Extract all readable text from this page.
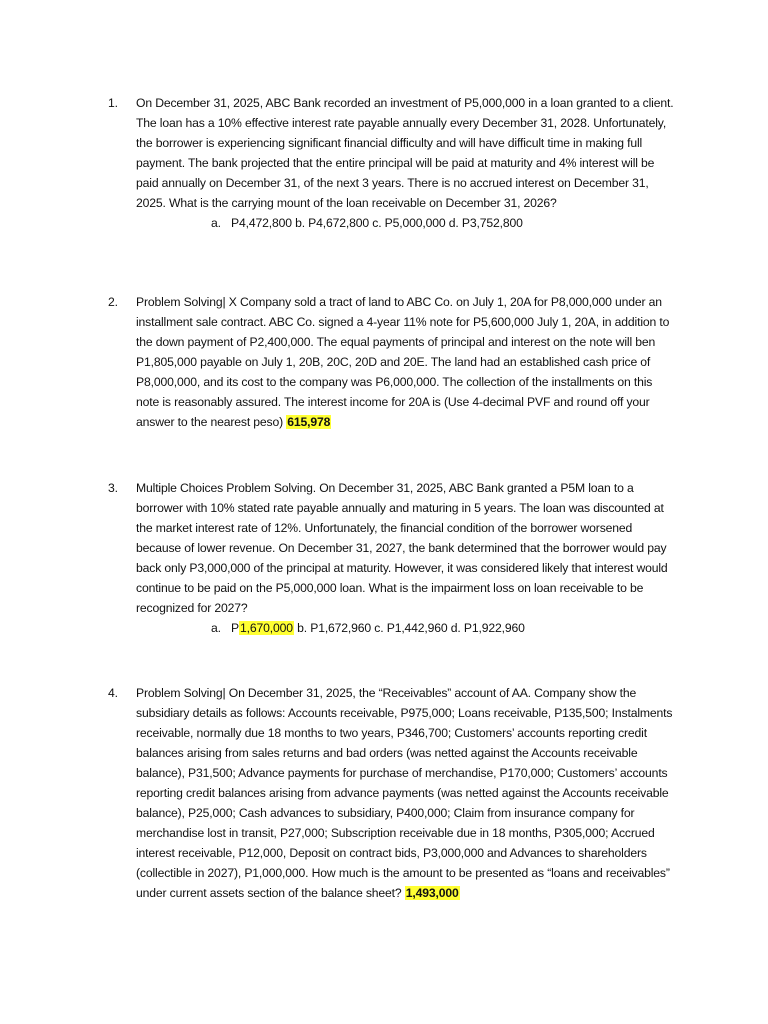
1.	On December 31, 2025, ABC Bank recorded an investment of P5,000,000 in a loan granted to a client. The loan has a 10% effective interest rate payable annually every December 31, 2028. Unfortunately, the borrower is experiencing significant financial difficulty and will have difficult time in making full payment. The bank projected that the entire principal will be paid at maturity and 4% interest will be paid annually on December 31, of the next 3 years. There is no accrued interest on December 31, 2025. What is the carrying mount of the loan receivable on December 31, 2026?
a. P4,472,800 b. P4,672,800 c. P5,000,000 d. P3,752,800
2.	Problem Solving| X Company sold a tract of land to ABC Co. on July 1, 20A for P8,000,000 under an installment sale contract. ABC Co. signed a 4-year 11% note for P5,600,000 July 1, 20A, in addition to the down payment of P2,400,000. The equal payments of principal and interest on the note will ben P1,805,000 payable on July 1, 20B, 20C, 20D and 20E. The land had an established cash price of P8,000,000, and its cost to the company was P6,000,000. The collection of the installments on this note is reasonably assured. The interest income for 20A is (Use 4-decimal PVF and round off your answer to the nearest peso) 615,978
3.	Multiple Choices Problem Solving. On December 31, 2025, ABC Bank granted a P5M loan to a borrower with 10% stated rate payable annually and maturing in 5 years. The loan was discounted at the market interest rate of 12%. Unfortunately, the financial condition of the borrower worsened because of lower revenue. On December 31, 2027, the bank determined that the borrower would pay back only P3,000,000 of the principal at maturity. However, it was considered likely that interest would continue to be paid on the P5,000,000 loan. What is the impairment loss on loan receivable to be recognized for 2027?
a. P1,670,000 b. P1,672,960 c. P1,442,960 d. P1,922,960
4.	Problem Solving| On December 31, 2025, the “Receivables” account of AA. Company show the subsidiary details as follows: Accounts receivable, P975,000; Loans receivable, P135,500; Instalments receivable, normally due 18 months to two years, P346,700; Customers’ accounts reporting credit balances arising from sales returns and bad orders (was netted against the Accounts receivable balance), P31,500; Advance payments for purchase of merchandise, P170,000; Customers’ accounts reporting credit balances arising from advance payments (was netted against the Accounts receivable balance), P25,000; Cash advances to subsidiary, P400,000; Claim from insurance company for merchandise lost in transit, P27,000; Subscription receivable due in 18 months, P305,000; Accrued interest receivable, P12,000, Deposit on contract bids, P3,000,000 and Advances to shareholders (collectible in 2027), P1,000,000. How much is the amount to be presented as “loans and receivables” under current assets section of the balance sheet? 1,493,000
